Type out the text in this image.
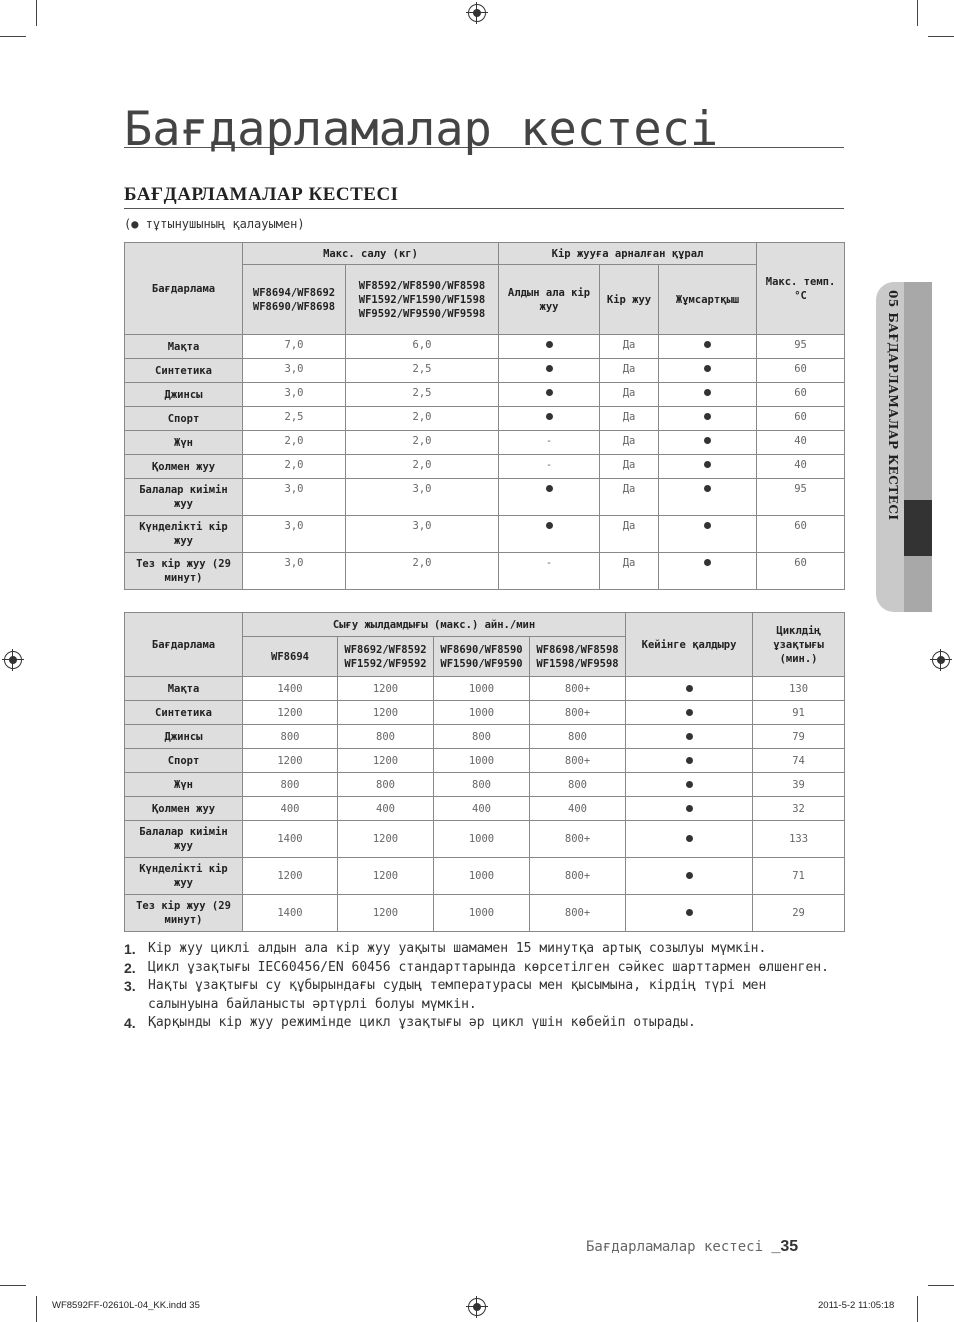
Бағдарламалар кестесі
БАҒДАРЛАМАЛАР КЕСТЕСІ
(● тұтынушының қалауымен)
Бағдарлама	Макс. салу (кг)		Кір жууға арналған құрал			Макс. темп. °C
	WF8694/WF8692 WF8690/WF8698	WF8592/WF8590/WF8598 WF1592/WF1590/WF1598 WF9592/WF9590/WF9598	Алдын ала кір жуу	Кір жуу	Жұмсартқыш	
Мақта	7,0	6,0		Да		95
Синтетика	3,0	2,5		Да		60
Джинсы	3,0	2,5		Да		60
Спорт	2,5	2,0		Да		60
Жүн	2,0	2,0	-	Да		40
Қолмен жуу	2,0	2,0	-	Да		40
Балалар киімін жуу	3,0	3,0		Да		95
Күнделікті кір жуу	3,0	3,0		Да		60
Тез кір жуу (29 минут)	3,0	2,0	-	Да		60
Бағдарлама	Сығу жылдамдығы (макс.) айн./мин				Кейінге қалдыру	Циклдің ұзақтығы (мин.)
	WF8694	WF8692/WF8592 WF1592/WF9592	WF8690/WF8590 WF1590/WF9590	WF8698/WF8598 WF1598/WF9598		
Мақта	1400	1200	1000	800+		130
Синтетика	1200	1200	1000	800+		91
Джинсы	800	800	800	800		79
Спорт	1200	1200	1000	800+		74
Жүн	800	800	800	800		39
Қолмен жуу	400	400	400	400		32
Балалар киімін жуу	1400	1200	1000	800+		133
Күнделікті кір жуу	1200	1200	1000	800+		71
Тез кір жуу (29 минут)	1400	1200	1000	800+		29
1. Кір жуу циклі алдын ала кір жуу уақыты шамамен 15 минутқа артық созылуы мүмкін.
2. Цикл ұзақтығы IEC60456/EN 60456 стандарттарында көрсетілген сәйкес шарттармен өлшенген.
3. Нақты ұзақтығы су құбырындағы судың температурасы мен қысымына, кірдің түрі мен салынуына байланысты әртүрлі болуы мүмкін.
4. Қарқынды кір жуу режимінде цикл ұзақтығы әр цикл үшін көбейіп отырады.
05 БАҒДАРЛАМАЛАР КЕСТЕСІ
Бағдарламалар кестесі _35
WF8592FF-02610L-04_KK.indd 35	2011-5-2 11:05:18
